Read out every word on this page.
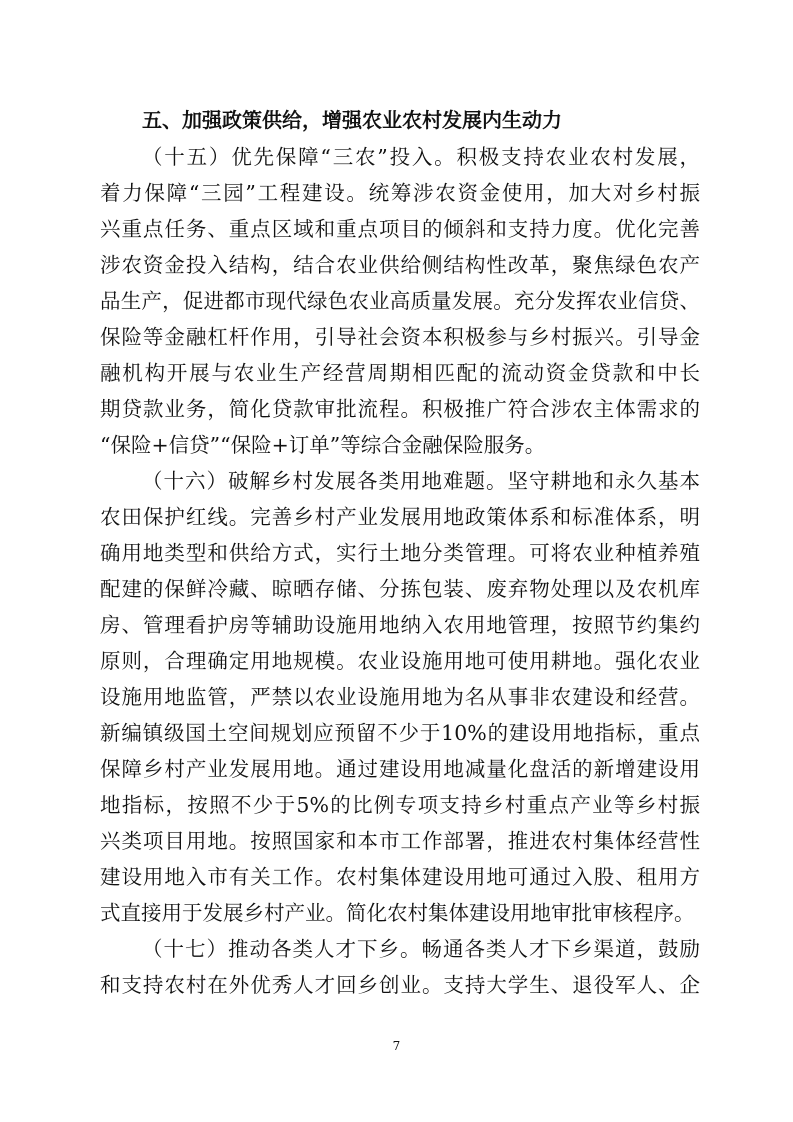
五、加强政策供给，增强农业农村发展内生动力
（十五）优先保障“三农”投入。积极支持农业农村发展，
着力保障“三园”工程建设。统筹涉农资金使用，加大对乡村振
兴重点任务、重点区域和重点项目的倾斜和支持力度。优化完善
涉农资金投入结构，结合农业供给侧结构性改革，聚焦绿色农产
品生产，促进都市现代绿色农业高质量发展。充分发挥农业信贷、
保险等金融杠杆作用，引导社会资本积极参与乡村振兴。引导金
融机构开展与农业生产经营周期相匹配的流动资金贷款和中长
期贷款业务，简化贷款审批流程。积极推广符合涉农主体需求的
“保险+信贷”“保险+订单”等综合金融保险服务。
（十六）破解乡村发展各类用地难题。坚守耕地和永久基本
农田保护红线。完善乡村产业发展用地政策体系和标准体系，明
确用地类型和供给方式，实行土地分类管理。可将农业种植养殖
配建的保鲜冷藏、晾晒存储、分拣包装、废弃物处理以及农机库
房、管理看护房等辅助设施用地纳入农用地管理，按照节约集约
原则，合理确定用地规模。农业设施用地可使用耕地。强化农业
设施用地监管，严禁以农业设施用地为名从事非农建设和经营。
新编镇级国土空间规划应预留不少于10%的建设用地指标，重点
保障乡村产业发展用地。通过建设用地减量化盘活的新增建设用
地指标，按照不少于5%的比例专项支持乡村重点产业等乡村振
兴类项目用地。按照国家和本市工作部署，推进农村集体经营性
建设用地入市有关工作。农村集体建设用地可通过入股、租用方
式直接用于发展乡村产业。简化农村集体建设用地审批审核程序。
（十七）推动各类人才下乡。畅通各类人才下乡渠道，鼓励
和支持农村在外优秀人才回乡创业。支持大学生、退役军人、企
7
